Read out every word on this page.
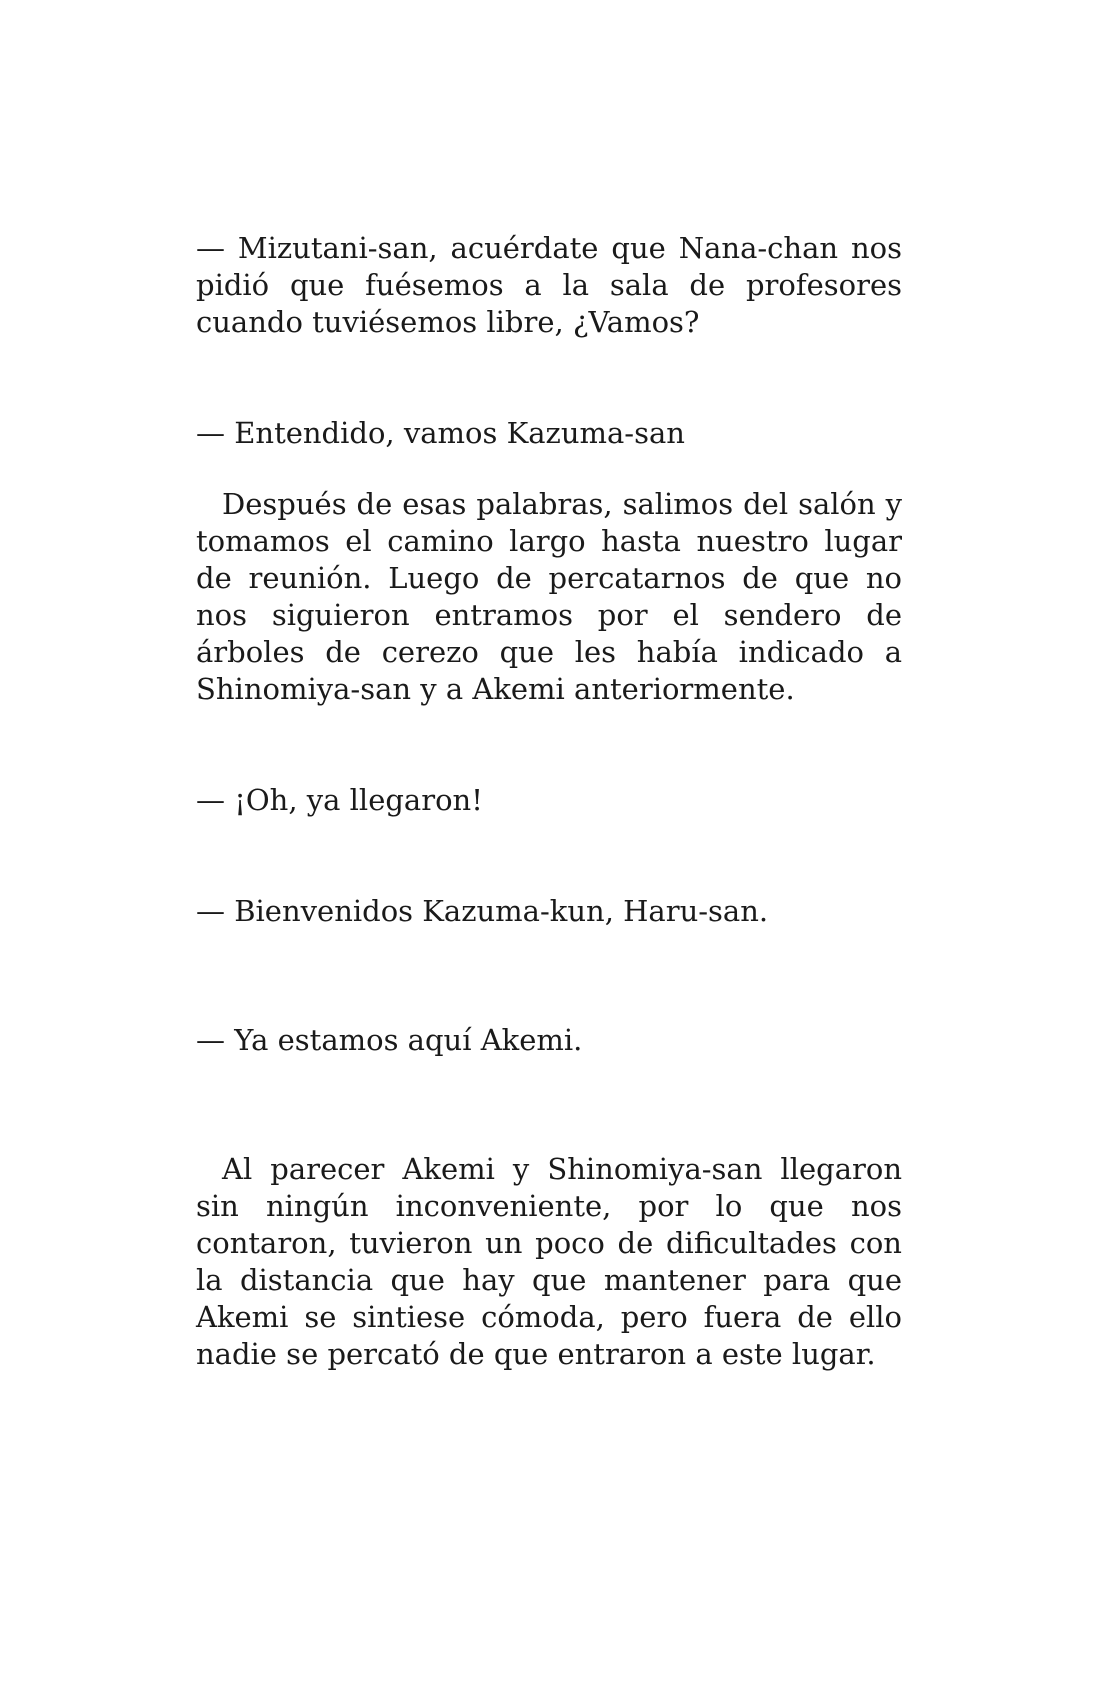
— Mizutani-san, acuérdate que Nana-chan nos pidió que fuésemos a la sala de profesores cuando tuviésemos libre, ¿Vamos?

— Entendido, vamos Kazuma-san

Después de esas palabras, salimos del salón y tomamos el camino largo hasta nuestro lugar de reunión. Luego de percatarnos de que no nos siguieron entramos por el sendero de árboles de cerezo que les había indicado a Shinomiya-san y a Akemi anteriormente.

— ¡Oh, ya llegaron!

— Bienvenidos Kazuma-kun, Haru-san.

— Ya estamos aquí Akemi.

Al parecer Akemi y Shinomiya-san llegaron sin ningún inconveniente, por lo que nos contaron, tuvieron un poco de dificultades con la distancia que hay que mantener para que Akemi se sintiese cómoda, pero fuera de ello nadie se percató de que entraron a este lugar.
